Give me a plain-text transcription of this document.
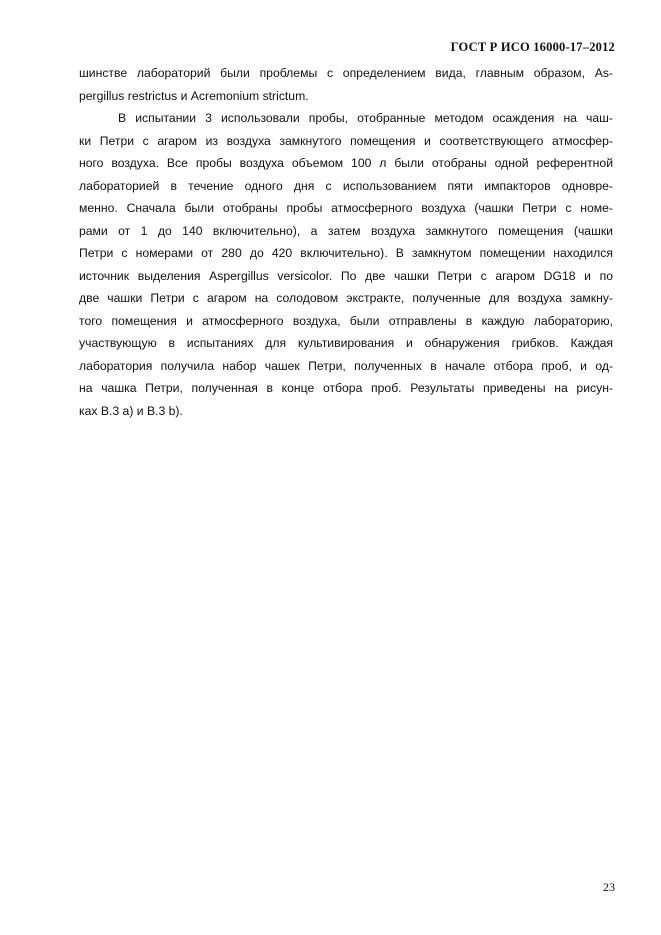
ГОСТ Р ИСО 16000-17–2012
шинстве лабораторий были проблемы с определением вида, главным образом, As-
pergillus restrictus и Acremonium strictum.
В испытании 3 использовали пробы, отобранные методом осаждения на чаш-
ки Петри с агаром из воздуха замкнутого помещения и соответствующего атмосфер-
ного воздуха. Все пробы воздуха объемом 100 л были отобраны одной референтной
лабораторией в течение одного дня с использованием пяти импакторов одновре-
менно. Сначала были отобраны пробы атмосферного воздуха (чашки Петри с номе-
рами от 1 до 140 включительно), а затем воздуха замкнутого помещения (чашки
Петри с номерами от 280 до 420 включительно). В замкнутом помещении находился
источник выделения Aspergillus versicolor. По две чашки Петри с агаром DG18 и по
две чашки Петри с агаром на солодовом экстракте, полученные для воздуха замкну-
того помещения и атмосферного воздуха, были отправлены в каждую лабораторию,
участвующую в испытаниях для культивирования и обнаружения грибков. Каждая
лаборатория получила набор чашек Петри, полученных в начале отбора проб, и од-
на чашка Петри, полученная в конце отбора проб. Результаты приведены на рисун-
ках В.3 a) и В.3 b).
23
